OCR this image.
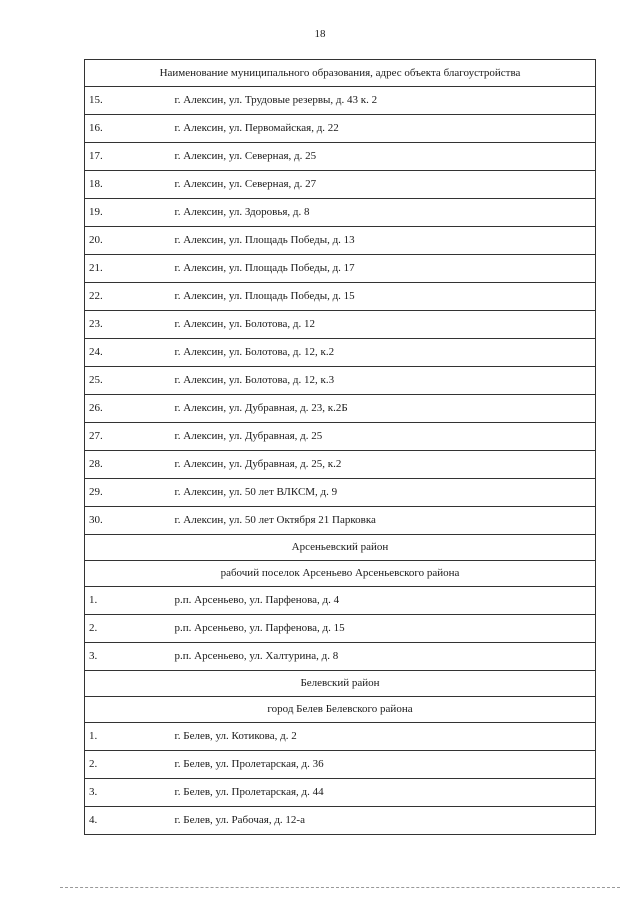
18
Наименование муниципального образования, адрес объекта благоустройства	
15.	г. Алексин, ул. Трудовые резервы, д. 43 к. 2
16.	г. Алексин, ул. Первомайская, д. 22
17.	г. Алексин, ул. Северная, д. 25
18.	г. Алексин, ул. Северная, д. 27
19.	г. Алексин, ул. Здоровья, д. 8
20.	г. Алексин, ул. Площадь Победы, д. 13
21.	г. Алексин, ул. Площадь Победы, д. 17
22.	г. Алексин, ул. Площадь Победы, д. 15
23.	г. Алексин, ул. Болотова, д. 12
24.	г. Алексин, ул. Болотова, д. 12, к.2
25.	г. Алексин, ул. Болотова, д. 12, к.3
26.	г. Алексин, ул. Дубравная, д. 23, к.2Б
27.	г. Алексин, ул. Дубравная, д. 25
28.	г. Алексин, ул. Дубравная, д. 25, к.2
29.	г. Алексин, ул. 50 лет ВЛКСМ, д. 9
30.	г. Алексин, ул. 50 лет Октября 21 Парковка
Арсеньевский район	
рабочий поселок Арсеньево Арсеньевского района	
1.	р.п. Арсеньево, ул. Парфенова, д. 4
2.	р.п. Арсеньево, ул. Парфенова, д. 15
3.	р.п. Арсеньево, ул. Халтурина, д. 8
Белевский район	
город Белев Белевского района	
1.	г. Белев, ул. Котикова, д. 2
2.	г. Белев, ул. Пролетарская, д. 36
3.	г. Белев, ул. Пролетарская, д. 44
4.	г. Белев, ул. Рабочая, д. 12-а
